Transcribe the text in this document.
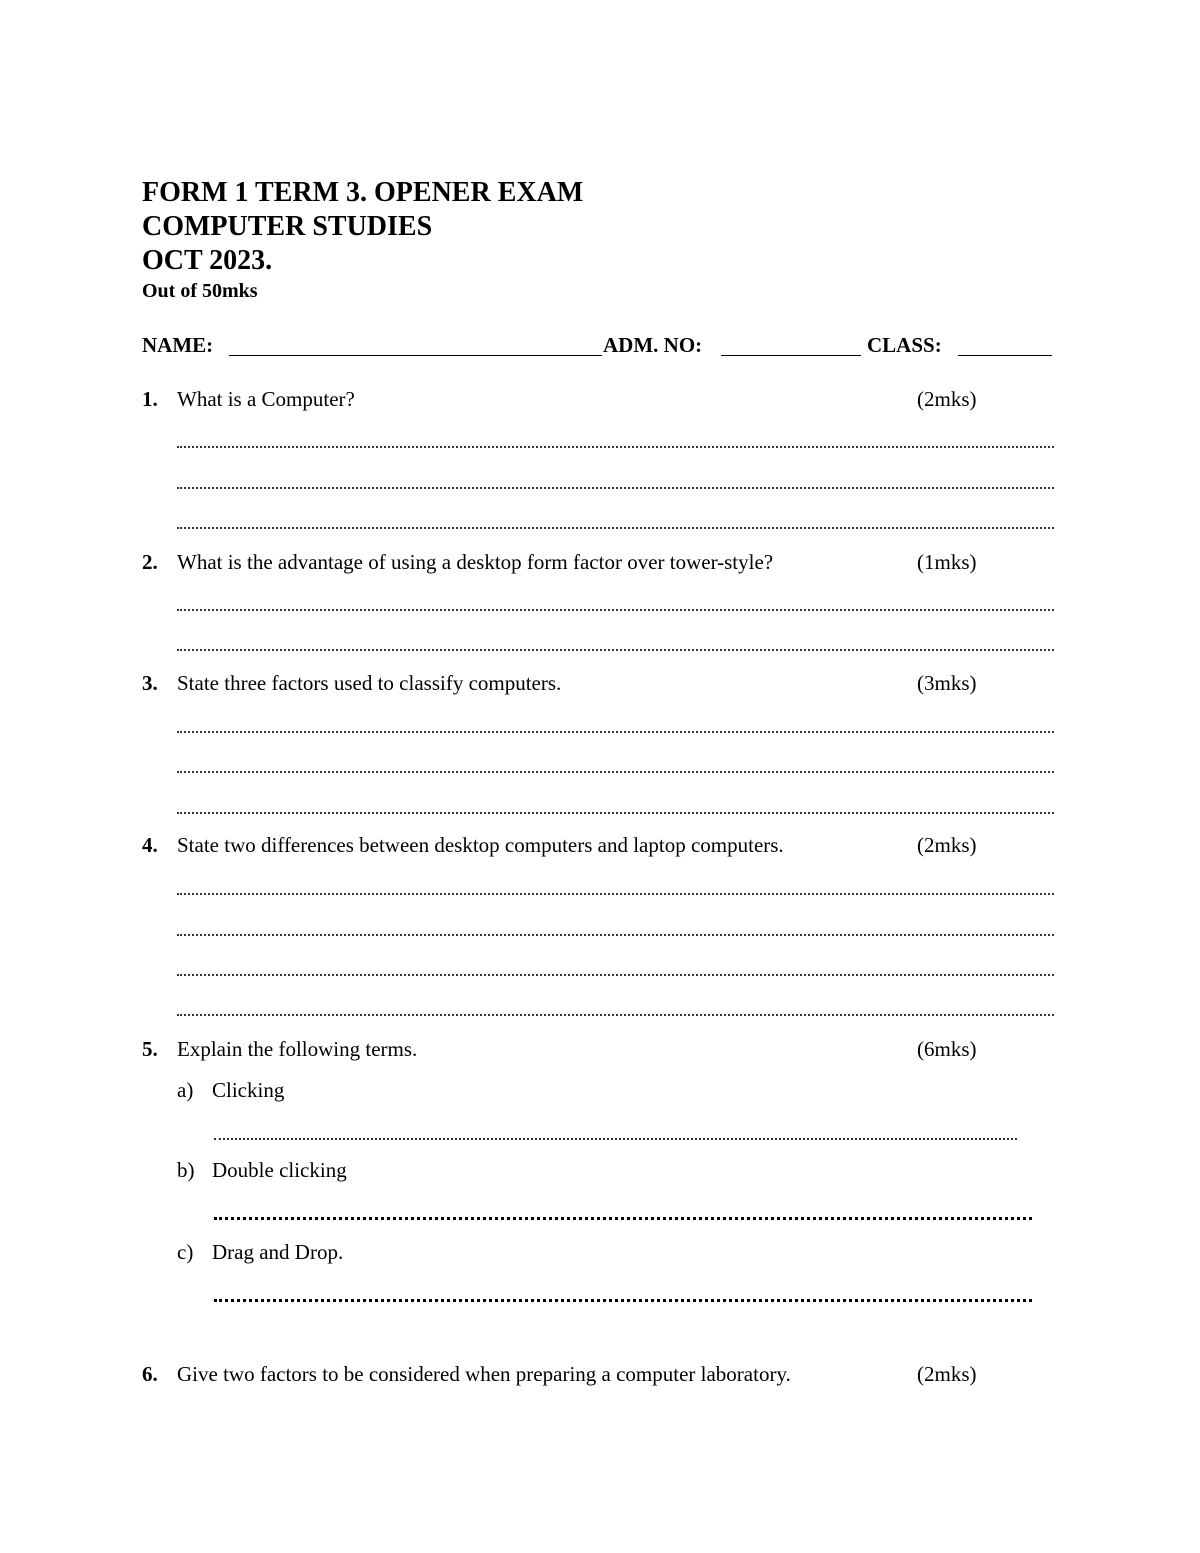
FORM 1 TERM 3. OPENER EXAM
COMPUTER STUDIES
OCT 2023.
Out of 50mks
NAME:	ADM. NO:	CLASS:
1. What is a Computer?	(2mks)
2. What is the advantage of using a desktop form factor over tower-style?	(1mks)
3. State three factors used to classify computers.	(3mks)
4. State two differences between desktop computers and laptop computers.	(2mks)
5. Explain the following terms.	(6mks)
a) Clicking
b) Double clicking
c) Drag and Drop.
6. Give two factors to be considered when preparing a computer laboratory.	(2mks)
